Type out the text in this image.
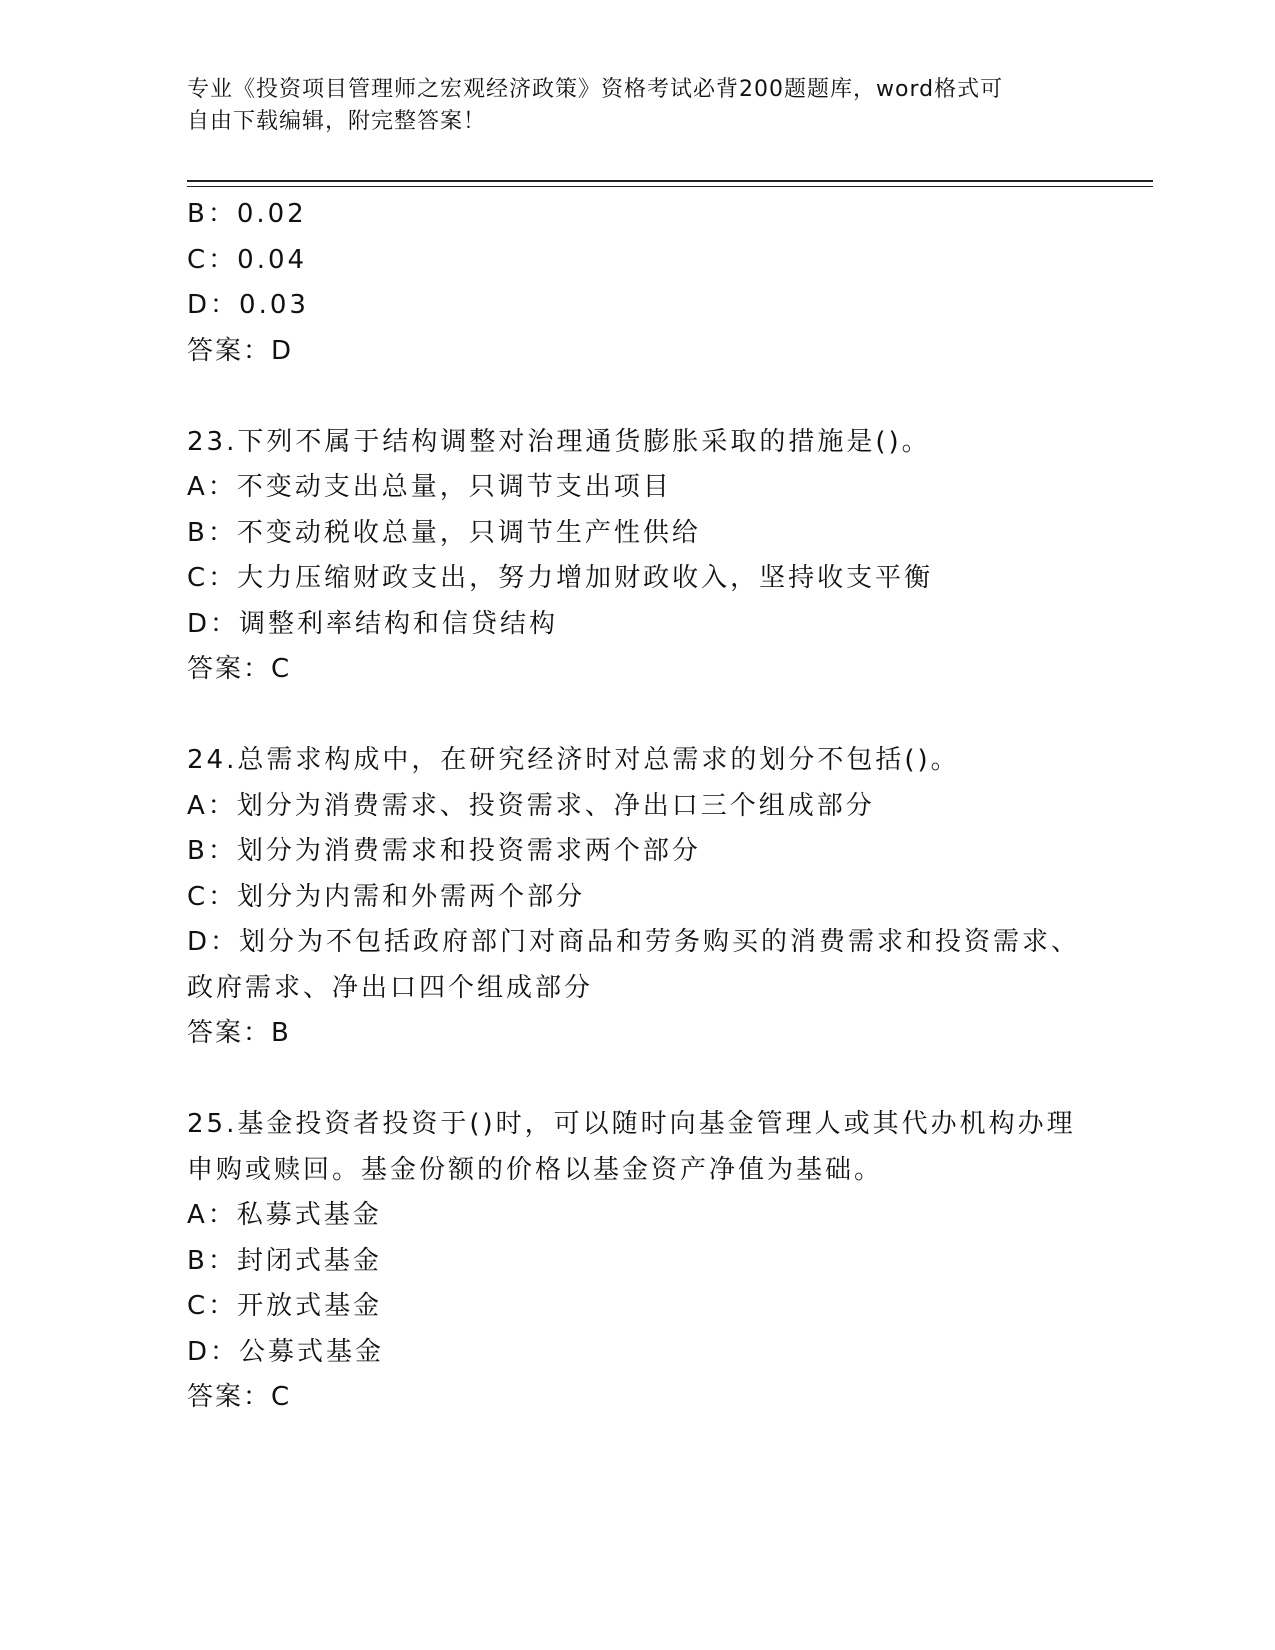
专业《投资项目管理师之宏观经济政策》资格考试必背200题题库，word格式可
自由下载编辑，附完整答案！
B：0.02
C：0.04
D：0.03
答案：D
23.下列不属于结构调整对治理通货膨胀采取的措施是()。
A：不变动支出总量，只调节支出项目
B：不变动税收总量，只调节生产性供给
C：大力压缩财政支出，努力增加财政收入，坚持收支平衡
D：调整利率结构和信贷结构
答案：C
24.总需求构成中，在研究经济时对总需求的划分不包括()。
A：划分为消费需求、投资需求、净出口三个组成部分
B：划分为消费需求和投资需求两个部分
C：划分为内需和外需两个部分
D：划分为不包括政府部门对商品和劳务购买的消费需求和投资需求、
政府需求、净出口四个组成部分
答案：B
25.基金投资者投资于()时，可以随时向基金管理人或其代办机构办理
申购或赎回。基金份额的价格以基金资产净值为基础。
A：私募式基金
B：封闭式基金
C：开放式基金
D：公募式基金
答案：C
